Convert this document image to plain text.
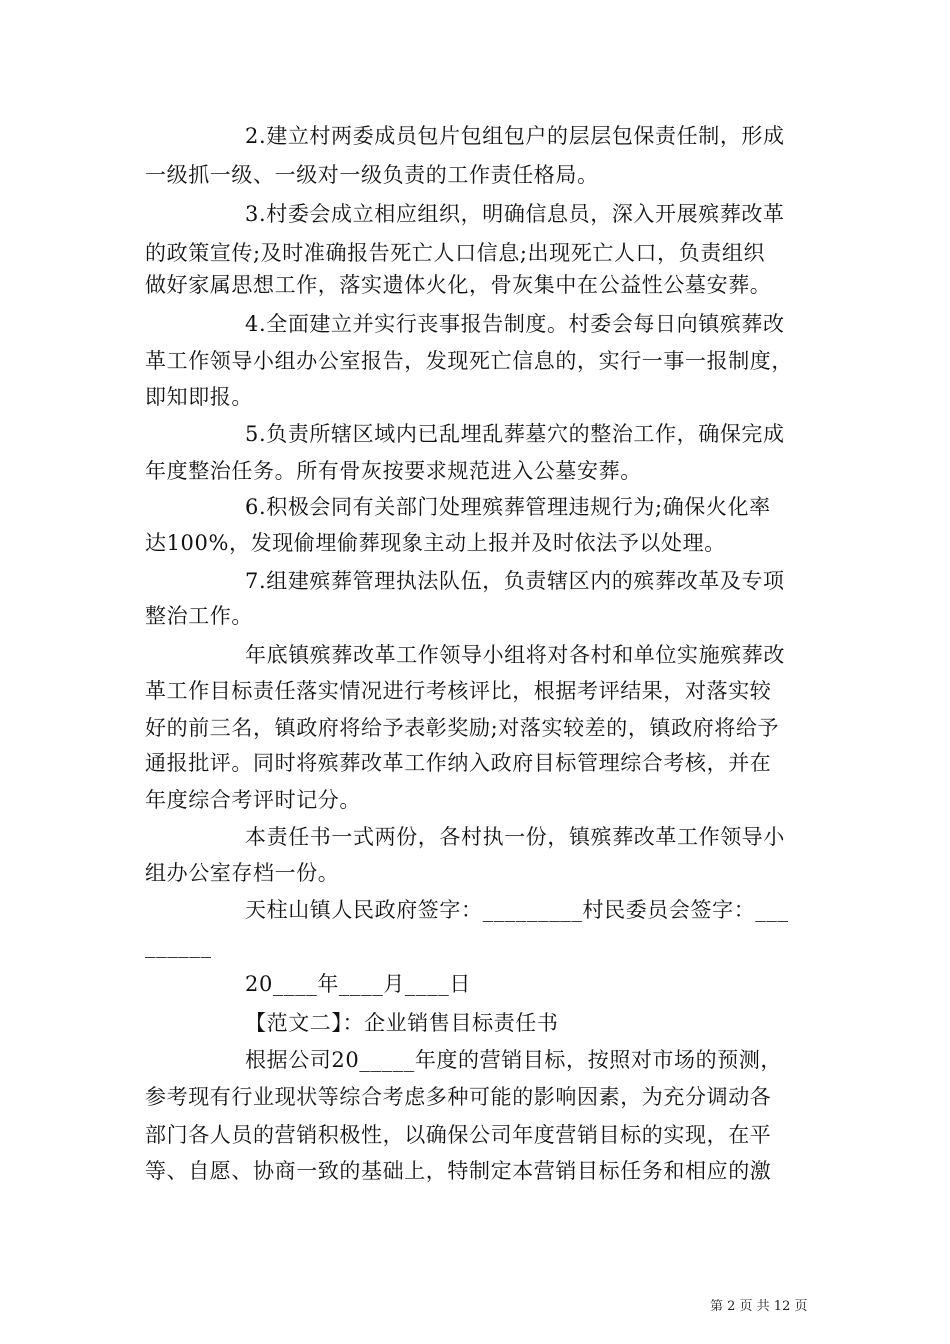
2.建立村两委成员包片包组包户的层层包保责任制，形成
一级抓一级、一级对一级负责的工作责任格局。
3.村委会成立相应组织，明确信息员，深入开展殡葬改革
的政策宣传;及时准确报告死亡人口信息;出现死亡人口，负责组织
做好家属思想工作，落实遗体火化，骨灰集中在公益性公墓安葬。
4.全面建立并实行丧事报告制度。村委会每日向镇殡葬改
革工作领导小组办公室报告，发现死亡信息的，实行一事一报制度，
即知即报。
5.负责所辖区域内已乱埋乱葬墓穴的整治工作，确保完成
年度整治任务。所有骨灰按要求规范进入公墓安葬。
6.积极会同有关部门处理殡葬管理违规行为;确保火化率
达100%，发现偷埋偷葬现象主动上报并及时依法予以处理。
7.组建殡葬管理执法队伍，负责辖区内的殡葬改革及专项
整治工作。
年底镇殡葬改革工作领导小组将对各村和单位实施殡葬改
革工作目标责任落实情况进行考核评比，根据考评结果，对落实较
好的前三名，镇政府将给予表彰奖励;对落实较差的，镇政府将给予
通报批评。同时将殡葬改革工作纳入政府目标管理综合考核，并在
年度综合考评时记分。
本责任书一式两份，各村执一份，镇殡葬改革工作领导小
组办公室存档一份。
天柱山镇人民政府签字：_________村民委员会签字：___
______
20____年____月____日
【范文二】：企业销售目标责任书
根据公司20_____年度的营销目标，按照对市场的预测，
参考现有行业现状等综合考虑多种可能的影响因素，为充分调动各
部门各人员的营销积极性，以确保公司年度营销目标的实现，在平
等、自愿、协商一致的基础上，特制定本营销目标任务和相应的激
第 2 页 共 12 页
